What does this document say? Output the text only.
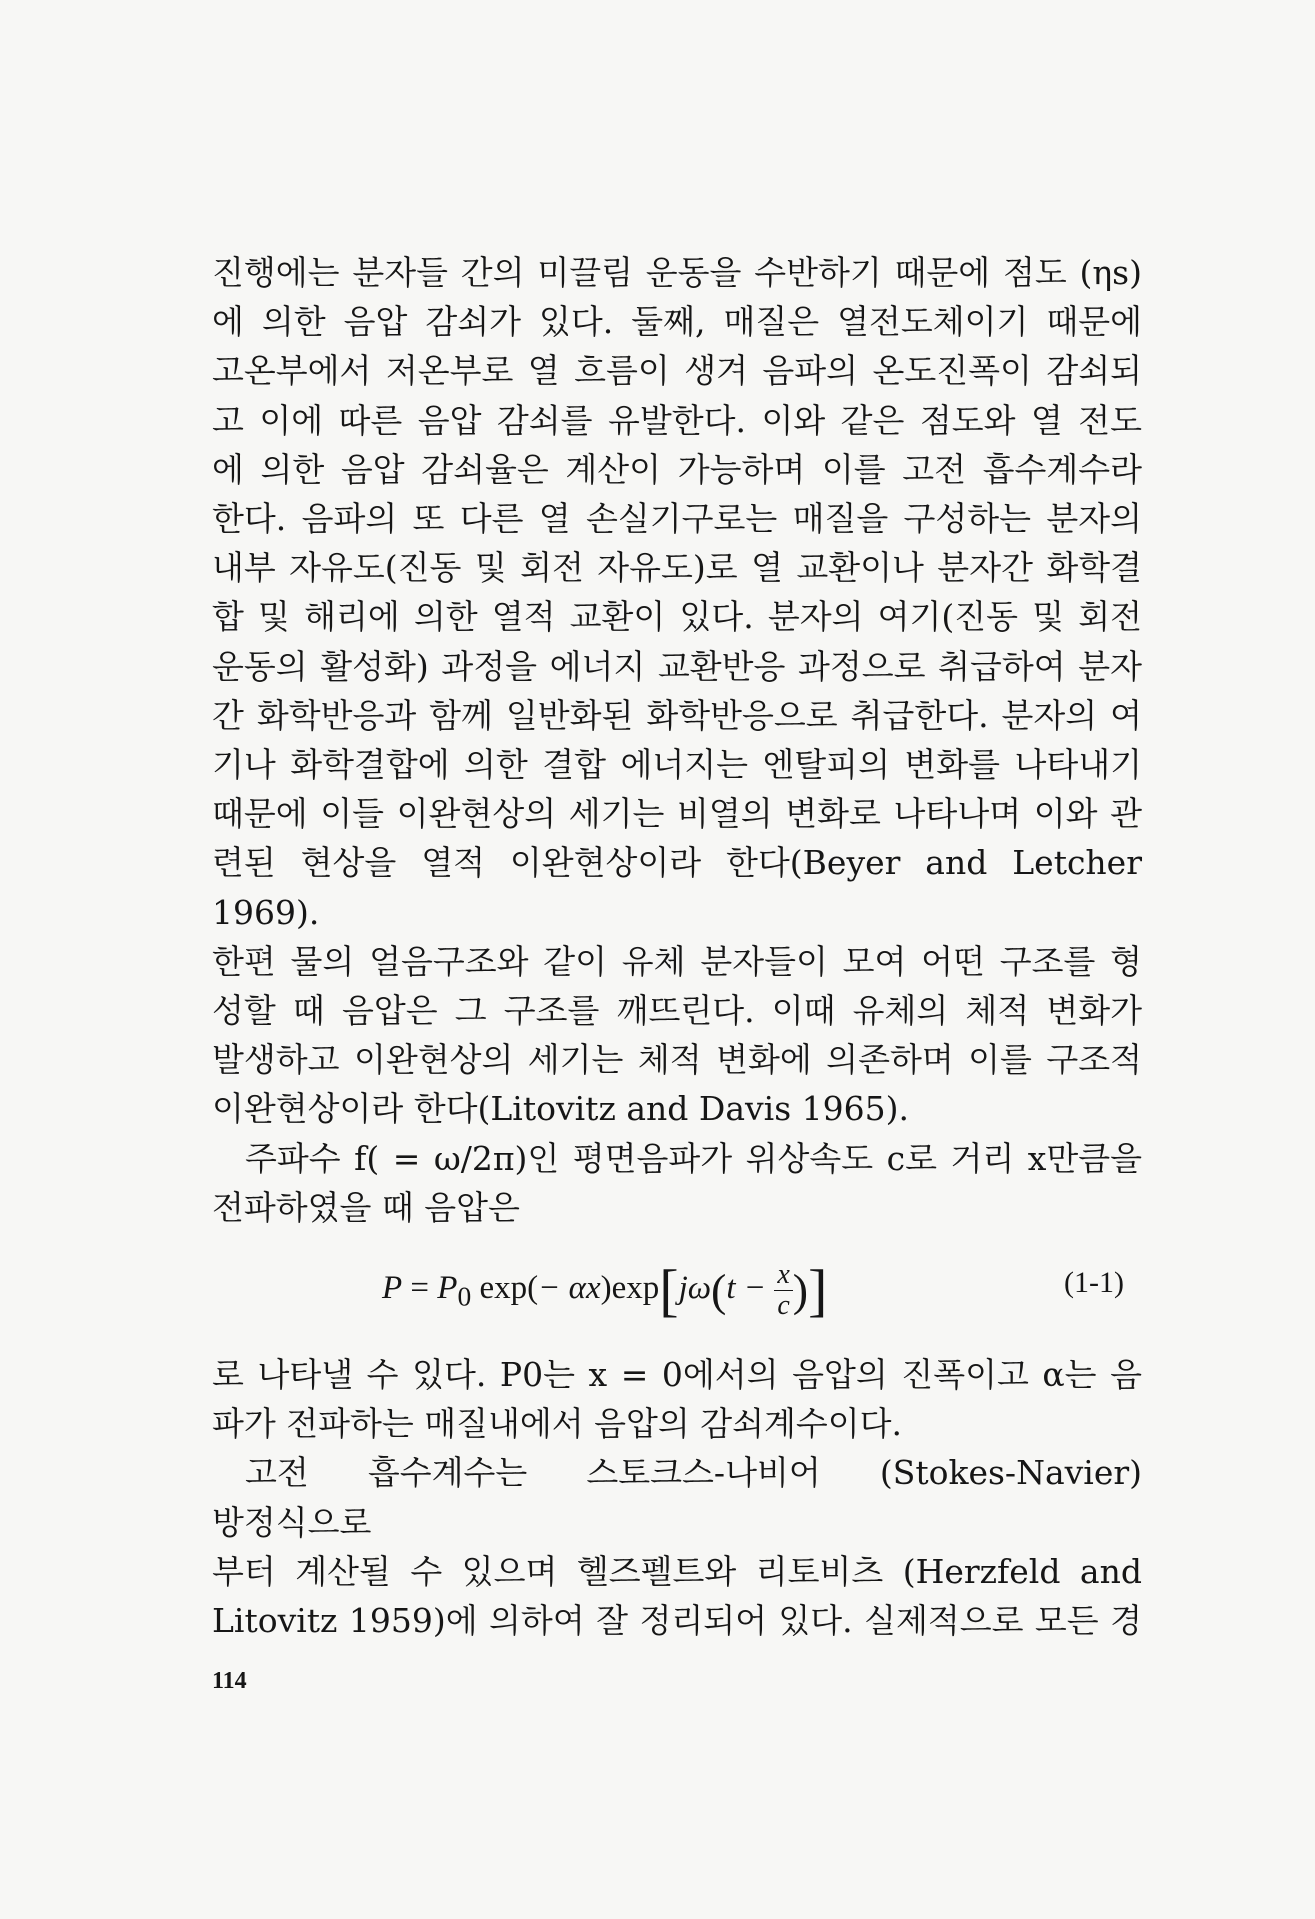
진행에는 분자들 간의 미끌림 운동을 수반하기 때문에 점도 (ηs)

에 의한 음압 감쇠가 있다. 둘째, 매질은 열전도체이기 때문에

고온부에서 저온부로 열 흐름이 생겨 음파의 온도진폭이 감쇠되

고 이에 따른 음압 감쇠를 유발한다. 이와 같은 점도와 열 전도

에 의한 음압 감쇠율은 계산이 가능하며 이를 고전 흡수계수라

한다. 음파의 또 다른 열 손실기구로는 매질을 구성하는 분자의

내부 자유도(진동 및 회전 자유도)로 열 교환이나 분자간 화학결

합 및 해리에 의한 열적 교환이 있다. 분자의 여기(진동 및 회전

운동의 활성화) 과정을 에너지 교환반응 과정으로 취급하여 분자

간 화학반응과 함께 일반화된 화학반응으로 취급한다. 분자의 여

기나 화학결합에 의한 결합 에너지는 엔탈피의 변화를 나타내기

때문에 이들 이완현상의 세기는 비열의 변화로 나타나며 이와 관

련된 현상을 열적 이완현상이라 한다(Beyer and Letcher 1969).

한편 물의 얼음구조와 같이 유체 분자들이 모여 어떤 구조를 형

성할 때 음압은 그 구조를 깨뜨린다. 이때 유체의 체적 변화가

발생하고 이완현상의 세기는 체적 변화에 의존하며 이를 구조적

이완현상이라 한다(Litovitz and Davis 1965).

주파수 f( = ω/2π)인 평면음파가 위상속도 c로 거리 x만큼을

전파하였을 때 음압은

$P = P_0$ $\exp(- \alpha x)\exp[j\omega(t - \frac{x}{c}$ )]	(1-1)

로 나타낼 수 있다. P0는 x = 0에서의 음압의 진폭이고 α는 음

파가 전파하는 매질내에서 음압의 감쇠계수이다.

고전 흡수계수는 스토크스-나비어 (Stokes-Navier) 방정식으로

부터 계산될 수 있으며 헬즈펠트와 리토비츠 (Herzfeld and

Litovitz 1959)에 의하여 잘 정리되어 있다. 실제적으로 모든 경

114
